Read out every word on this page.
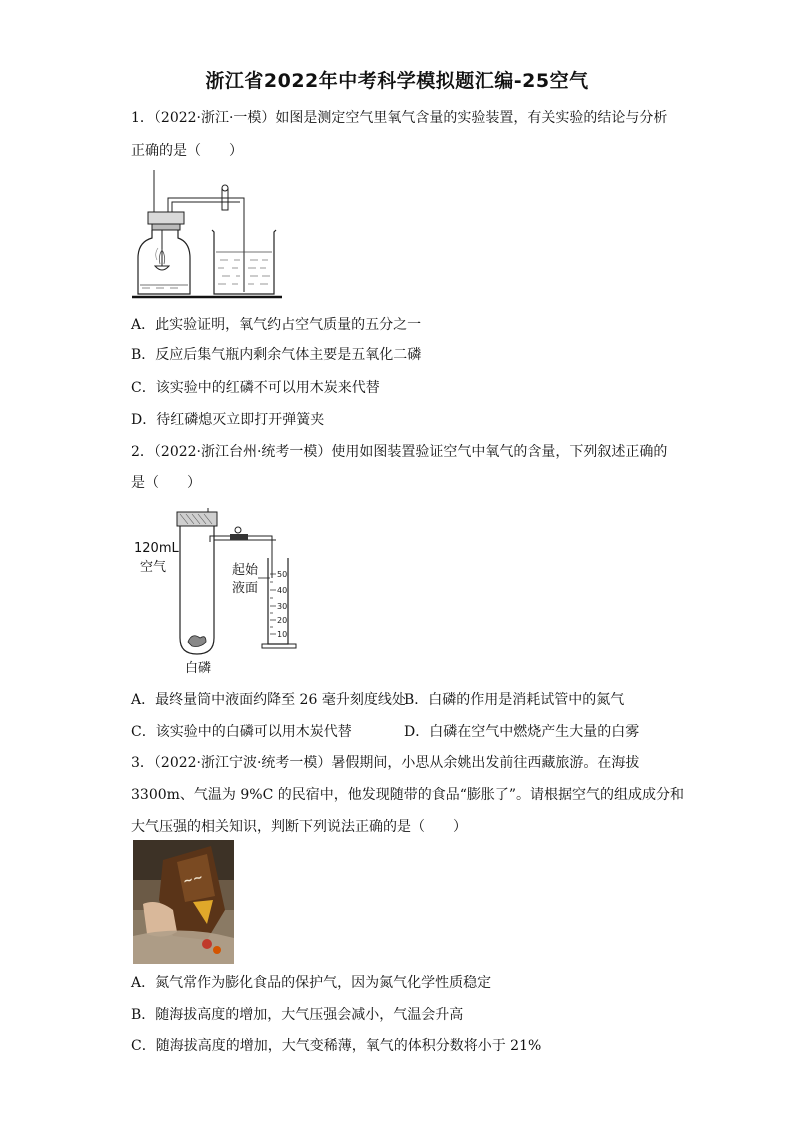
浙江省2022年中考科学模拟题汇编-25空气
1．（2022·浙江·一模）如图是测定空气里氧气含量的实验装置，有关实验的结论与分析
正确的是（　　）
A．此实验证明，氧气约占空气质量的五分之一
B．反应后集气瓶内剩余气体主要是五氧化二磷
C．该实验中的红磷不可以用木炭来代替
D．待红磷熄灭立即打开弹簧夹
2．（2022·浙江台州·统考一模）使用如图装置验证空气中氧气的含量，下列叙述正确的
是（　　）
50
40
30
20
10
120mL
空气	起始
液面
白磷
A．最终量筒中液面约降至 26 毫升刻度线处
B．白磷的作用是消耗试管中的氮气
C．该实验中的白磷可以用木炭代替	D．白磷在空气中燃烧产生大量的白雾
3．（2022·浙江宁波·统考一模）暑假期间，小思从余姚出发前往西藏旅游。在海拔
3300m、气温为 9%C 的民宿中，他发现随带的食品“膨胀了”。请根据空气的组成成分和
大气压强的相关知识，判断下列说法正确的是（　　）
~~
A．氮气常作为膨化食品的保护气，因为氮气化学性质稳定
B．随海拔高度的增加，大气压强会减小，气温会升高
C．随海拔高度的增加，大气变稀薄，氧气的体积分数将小于 21%
